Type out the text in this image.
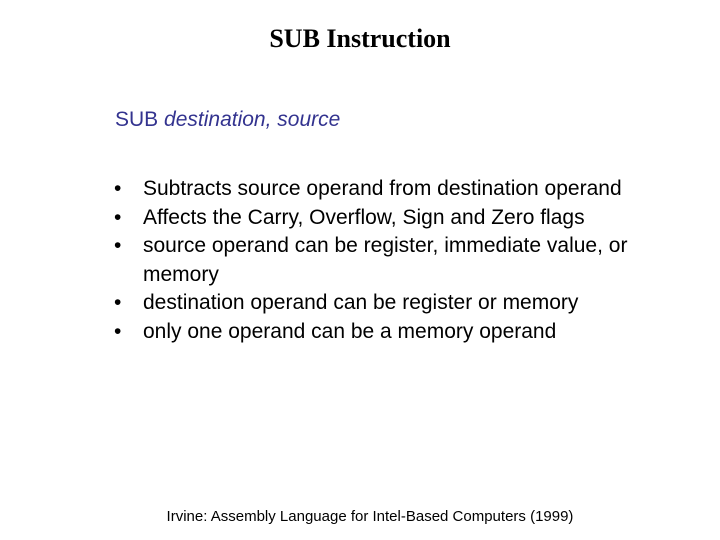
SUB Instruction
SUB destination, source
• Subtracts source operand from destination operand
• Affects the Carry, Overflow, Sign and Zero flags
• source operand can be register, immediate value, or memory
• destination operand can be register or memory
• only one operand can be a memory operand
Irvine: Assembly Language for Intel-Based Computers (1999)
